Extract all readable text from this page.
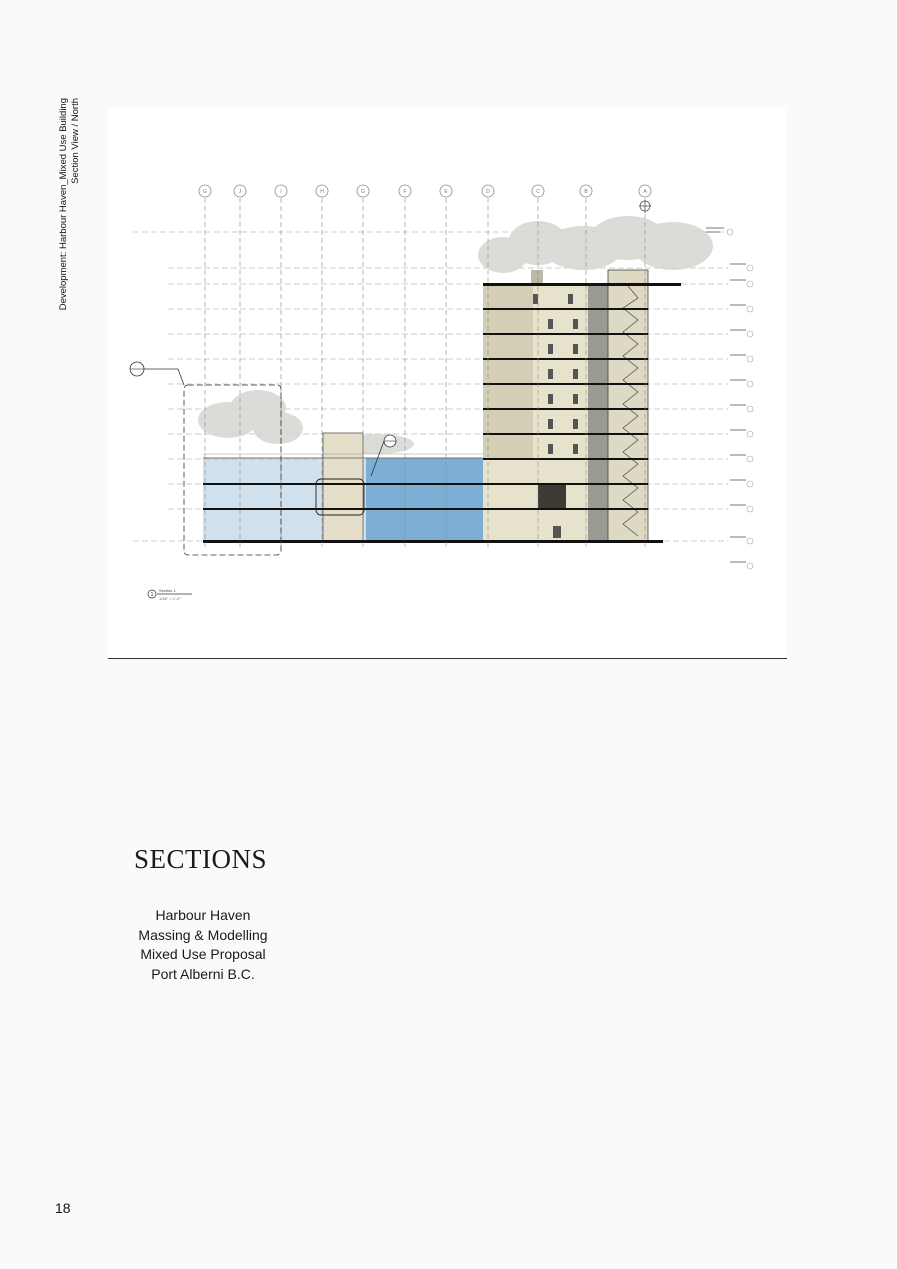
Development: Harbour Haven_Mixed Use Building Section View / North
G	J	I	H	G	F	E	D	C	B	A
1
Section 1
1/16" = 1'-0"
SECTIONS
Harbour Haven
Massing & Modelling
Mixed Use Proposal
Port Alberni B.C.
18
